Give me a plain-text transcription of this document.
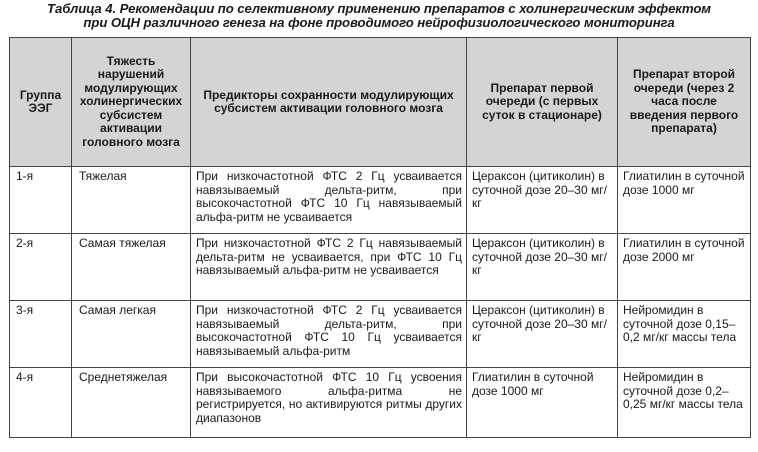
Таблица 4. Рекомендации по селективному применению препаратов с холинергическим эффектом
при ОЦН различного генеза на фоне проводимого нейрофизиологического мониторинга
Группа ЭЭГ	Тяжесть нарушений модулирующих холинергических субсистем активации головного мозга	Предикторы сохранности модулирующих субсистем активации головного мозга	Препарат первой очереди (с первых суток в стационаре)	Препарат второй очереди (через 2 часа после введения первого препарата)
1-я	Тяжелая	При низкочастотной ФТС 2 Гц усваивается навязываемый дельта-ритм, при высокочастотной ФТС 10 Гц навязываемый альфа-ритм не усваивается	Цераксон (цитиколин) в суточной дозе 20–30 мг/кг	Глиатилин в суточной дозе 1000 мг
2-я	Самая тяжелая	При низкочастотной ФТС 2 Гц навязываемый дельта-ритм не усваивается, при ФТС 10 Гц навязываемый альфа-ритм не усваивается	Цераксон (цитиколин) в суточной дозе 20–30 мг/кг	Глиатилин в суточной дозе 2000 мг
3-я	Самая легкая	При низкочастотной ФТС 2 Гц усваивается навязываемый дельта-ритм, при высокочастотной ФТС 10 Гц усваивается навязываемый альфа-ритм	Цераксон (цитиколин) в суточной дозе 20–30 мг/кг	Нейромидин в суточной дозе 0,15–0,2 мг/кг массы тела
4-я	Среднетяжелая	При высокочастотной ФТС 10 Гц усвоения навязываемого альфа-ритма не регистрируется, но активируются ритмы других диапазонов	Глиатилин в суточной дозе 1000 мг	Нейромидин в суточной дозе 0,2–0,25 мг/кг массы тела
